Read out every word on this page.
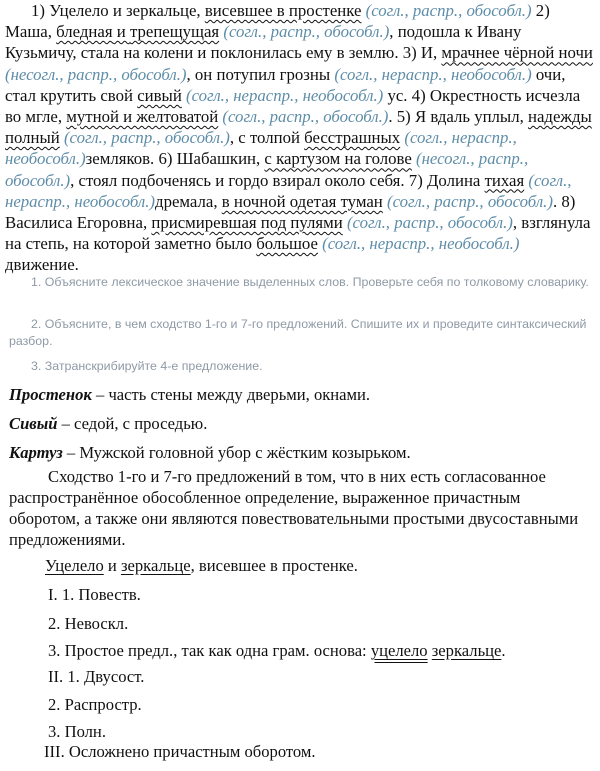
1) Уцелело и зеркальце, висевшее в простенке (согл., распр., обособл.) 2) Маша, бледная и трепещущая (согл., распр., обособл.), подошла к Ивану Кузьмичу, стала на колени и поклонилась ему в землю. 3) И, мрачнее чёрной ночи (несогл., распр., обособл.), он потупил грозны (согл., нераспр., необособл.) очи, стал крутить свой сивый (согл., нераспр., необособл.) ус. 4) Окрестность исчезла во мгле, мутной и желтоватой (согл., распр., обособл.). 5) Я вдаль уплыл, надежды полный (согл., распр., обособл.), с толпой бесстрашных (согл., нераспр., необособл.)земляков. 6) Шабашкин, с картузом на голове (несогл., распр., обособл.), стоял подбоченясь и гордо взирал около себя. 7) Долина тихая (согл., нераспр., необособл.)дремала, в ночной одетая туман (согл., распр., обособл.). 8) Василиса Егоровна, присмиревшая под пулями (согл., распр., обособл.), взглянула на степь, на которой заметно было большое (согл., нераспр., необособл.) движение.
1. Объясните лексическое значение выделенных слов. Проверьте себя по толковому словарику.
2. Объясните, в чем сходство 1-го и 7-го предложений. Спишите их и проведите синтаксический разбор.
3. Затранскрибируйте 4-е предложение.
Простенок – часть стены между дверьми, окнами.
Сивый – седой, с проседью.
Картуз – Мужской головной убор с жёстким козырьком.
Сходство 1-го и 7-го предложений в том, что в них есть согласованное распространённое обособленное определение, выраженное причастным оборотом, а также они являются повествовательными простыми двусоставными предложениями.
Уцелело и зеркальце, висевшее в простенке.
I. 1. Повеств.
2. Невоскл.
3. Простое предл., так как одна грам. основа: уцелело зеркальце.
II. 1. Двусост.
2. Распростр.
3. Полн.
III. Осложнено причастным оборотом.
